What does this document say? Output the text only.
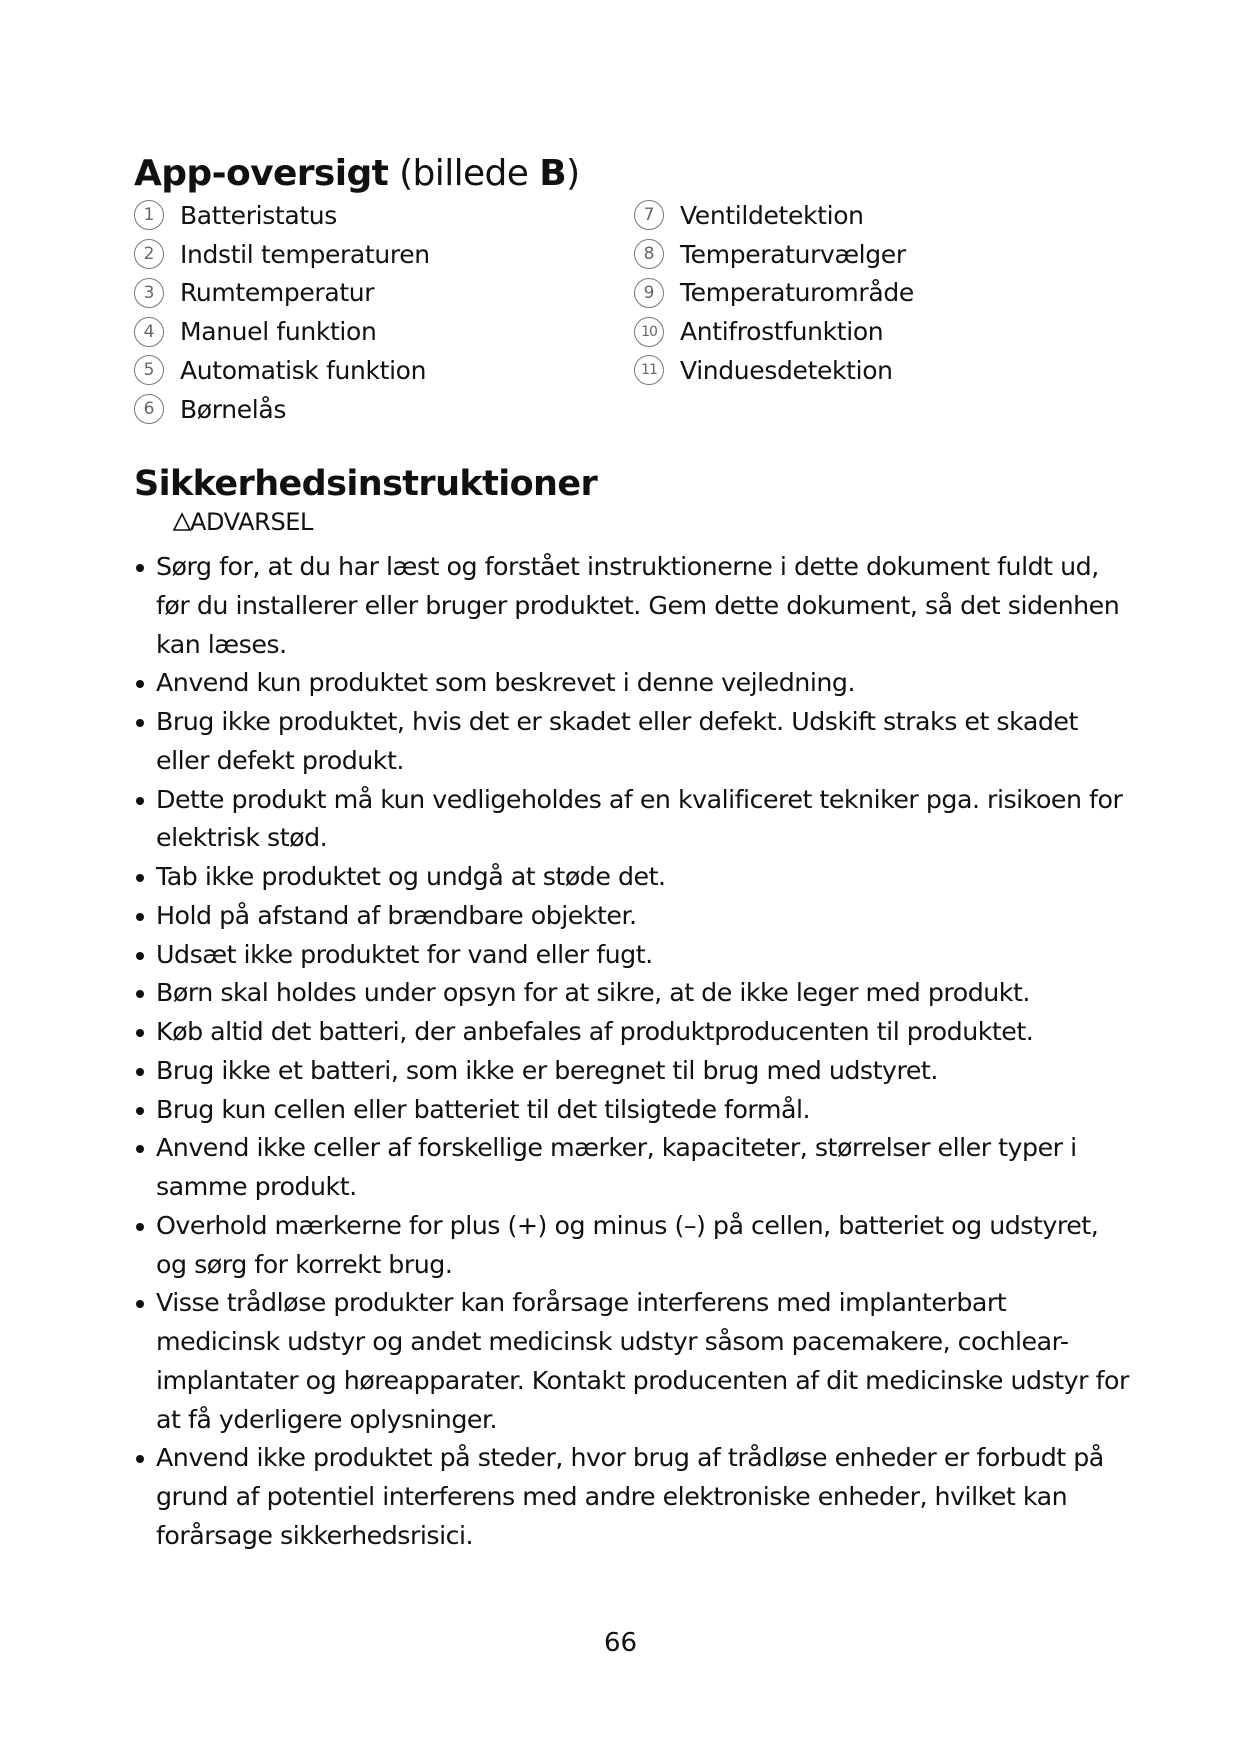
App-oversigt (billede B)
1	Batteristatus
2	Indstil temperaturen
3	Rumtemperatur
4	Manuel funktion
5	Automatisk funktion
6	Børnelås
7	Ventildetektion
8	Temperaturvælger
9	Temperaturområde
10 Antifrostfunktion
11 Vinduesdetektion
Sikkerhedsinstruktioner
ADVARSEL
Sørg for, at du har læst og forstået instruktionerne i dette dokument fuldt ud, før du installerer eller bruger produktet. Gem dette dokument, så det sidenhen kan læses.
Anvend kun produktet som beskrevet i denne vejledning.
Brug ikke produktet, hvis det er skadet eller defekt. Udskift straks et skadet eller defekt produkt.
Dette produkt må kun vedligeholdes af en kvalificeret tekniker pga. risikoen for elektrisk stød.
Tab ikke produktet og undgå at støde det.
Hold på afstand af brændbare objekter.
Udsæt ikke produktet for vand eller fugt.
Børn skal holdes under opsyn for at sikre, at de ikke leger med produkt.
Køb altid det batteri, der anbefales af produktproducenten til produktet.
Brug ikke et batteri, som ikke er beregnet til brug med udstyret.
Brug kun cellen eller batteriet til det tilsigtede formål.
Anvend ikke celler af forskellige mærker, kapaciteter, størrelser eller typer i samme produkt.
Overhold mærkerne for plus (+) og minus (–) på cellen, batteriet og udstyret, og sørg for korrekt brug.
Visse trådløse produkter kan forårsage interferens med implanterbart medicinsk udstyr og andet medicinsk udstyr såsom pacemakere, cochlear-implantater og høreapparater. Kontakt producenten af dit medicinske udstyr for at få yderligere oplysninger.
Anvend ikke produktet på steder, hvor brug af trådløse enheder er forbudt på grund af potentiel interferens med andre elektroniske enheder, hvilket kan forårsage sikkerhedsrisici.
66
